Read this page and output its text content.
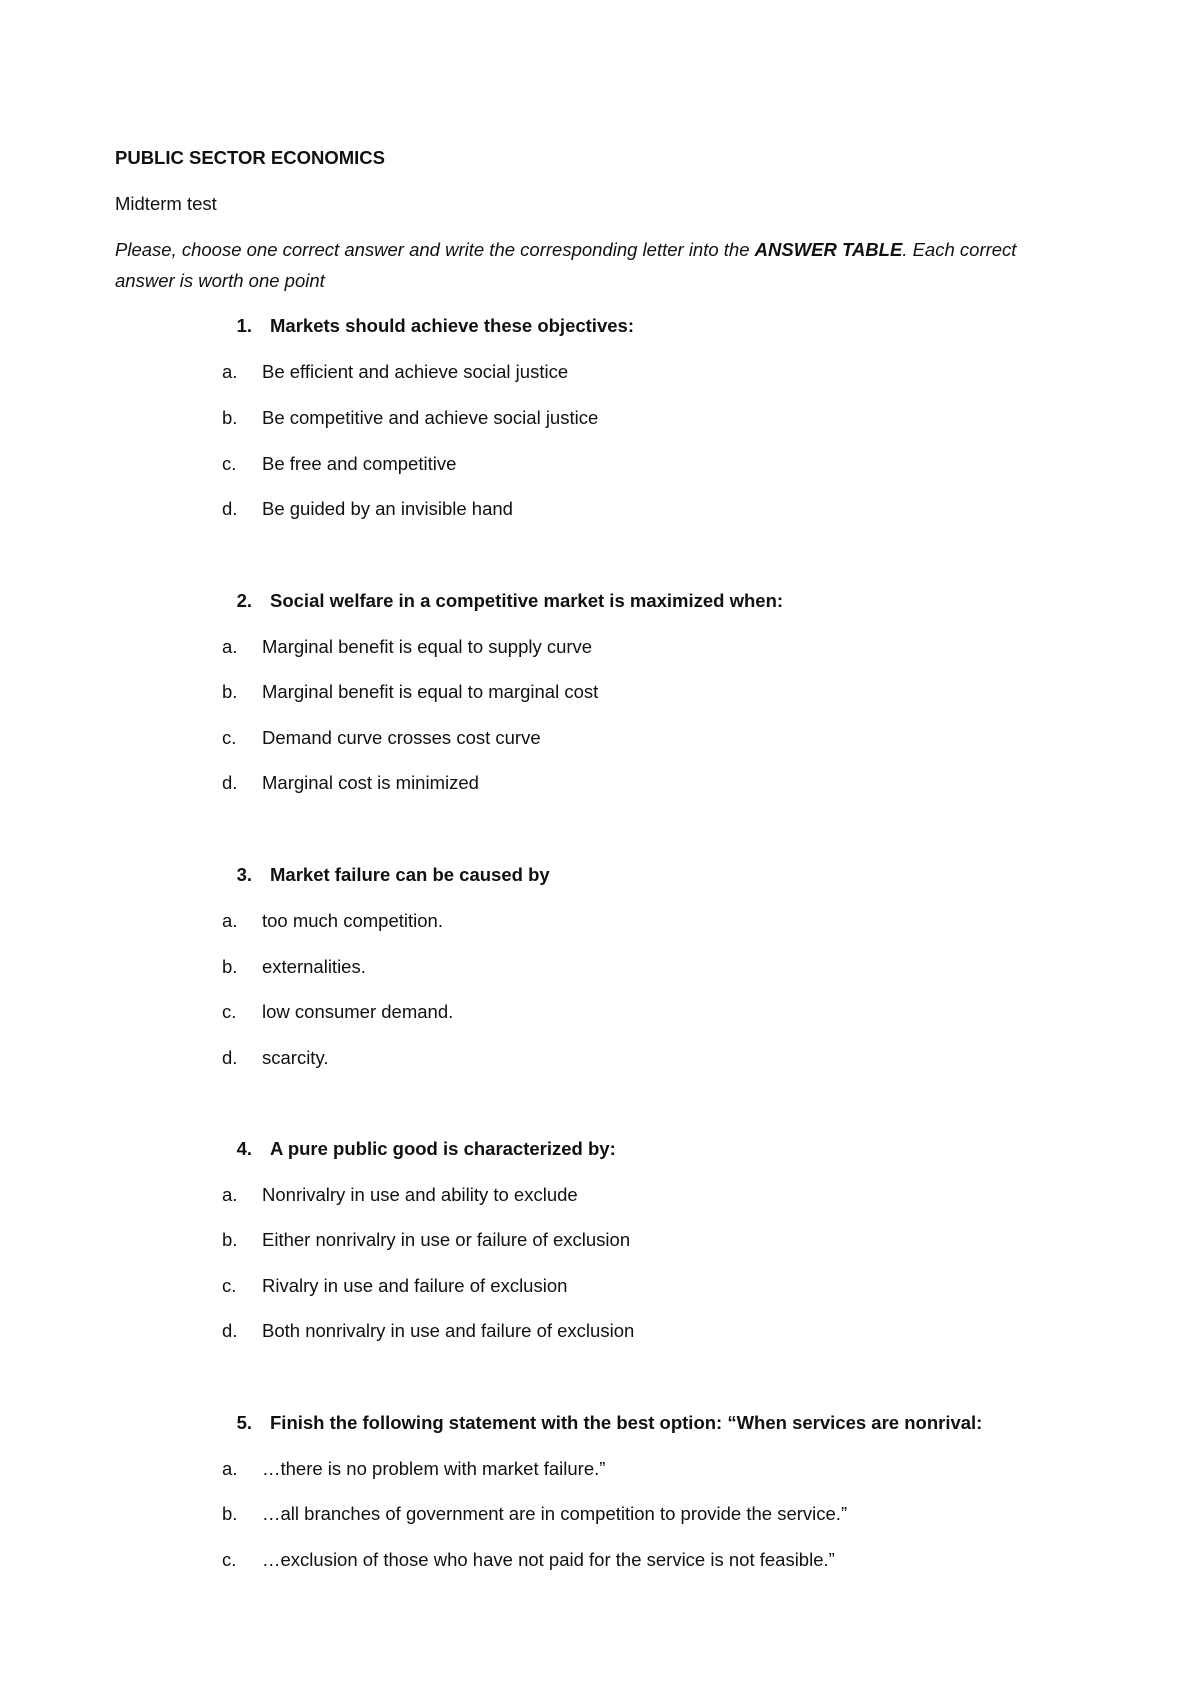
PUBLIC SECTOR ECONOMICS
Midterm test
Please, choose one correct answer and write the corresponding letter into the ANSWER TABLE. Each correct
answer is worth one point
1. Markets should achieve these objectives:
a. Be efficient and achieve social justice
b. Be competitive and achieve social justice
c. Be free and competitive
d. Be guided by an invisible hand
2. Social welfare in a competitive market is maximized when:
a. Marginal benefit is equal to supply curve
b. Marginal benefit is equal to marginal cost
c. Demand curve crosses cost curve
d. Marginal cost is minimized
3. Market failure can be caused by
a. too much competition.
b. externalities.
c. low consumer demand.
d. scarcity.
4. A pure public good is characterized by:
a. Nonrivalry in use and ability to exclude
b. Either nonrivalry in use or failure of exclusion
c. Rivalry in use and failure of exclusion
d. Both nonrivalry in use and failure of exclusion
5. Finish the following statement with the best option: “When services are nonrival:
a. …there is no problem with market failure.”
b. …all branches of government are in competition to provide the service.”
c. …exclusion of those who have not paid for the service is not feasible.”
